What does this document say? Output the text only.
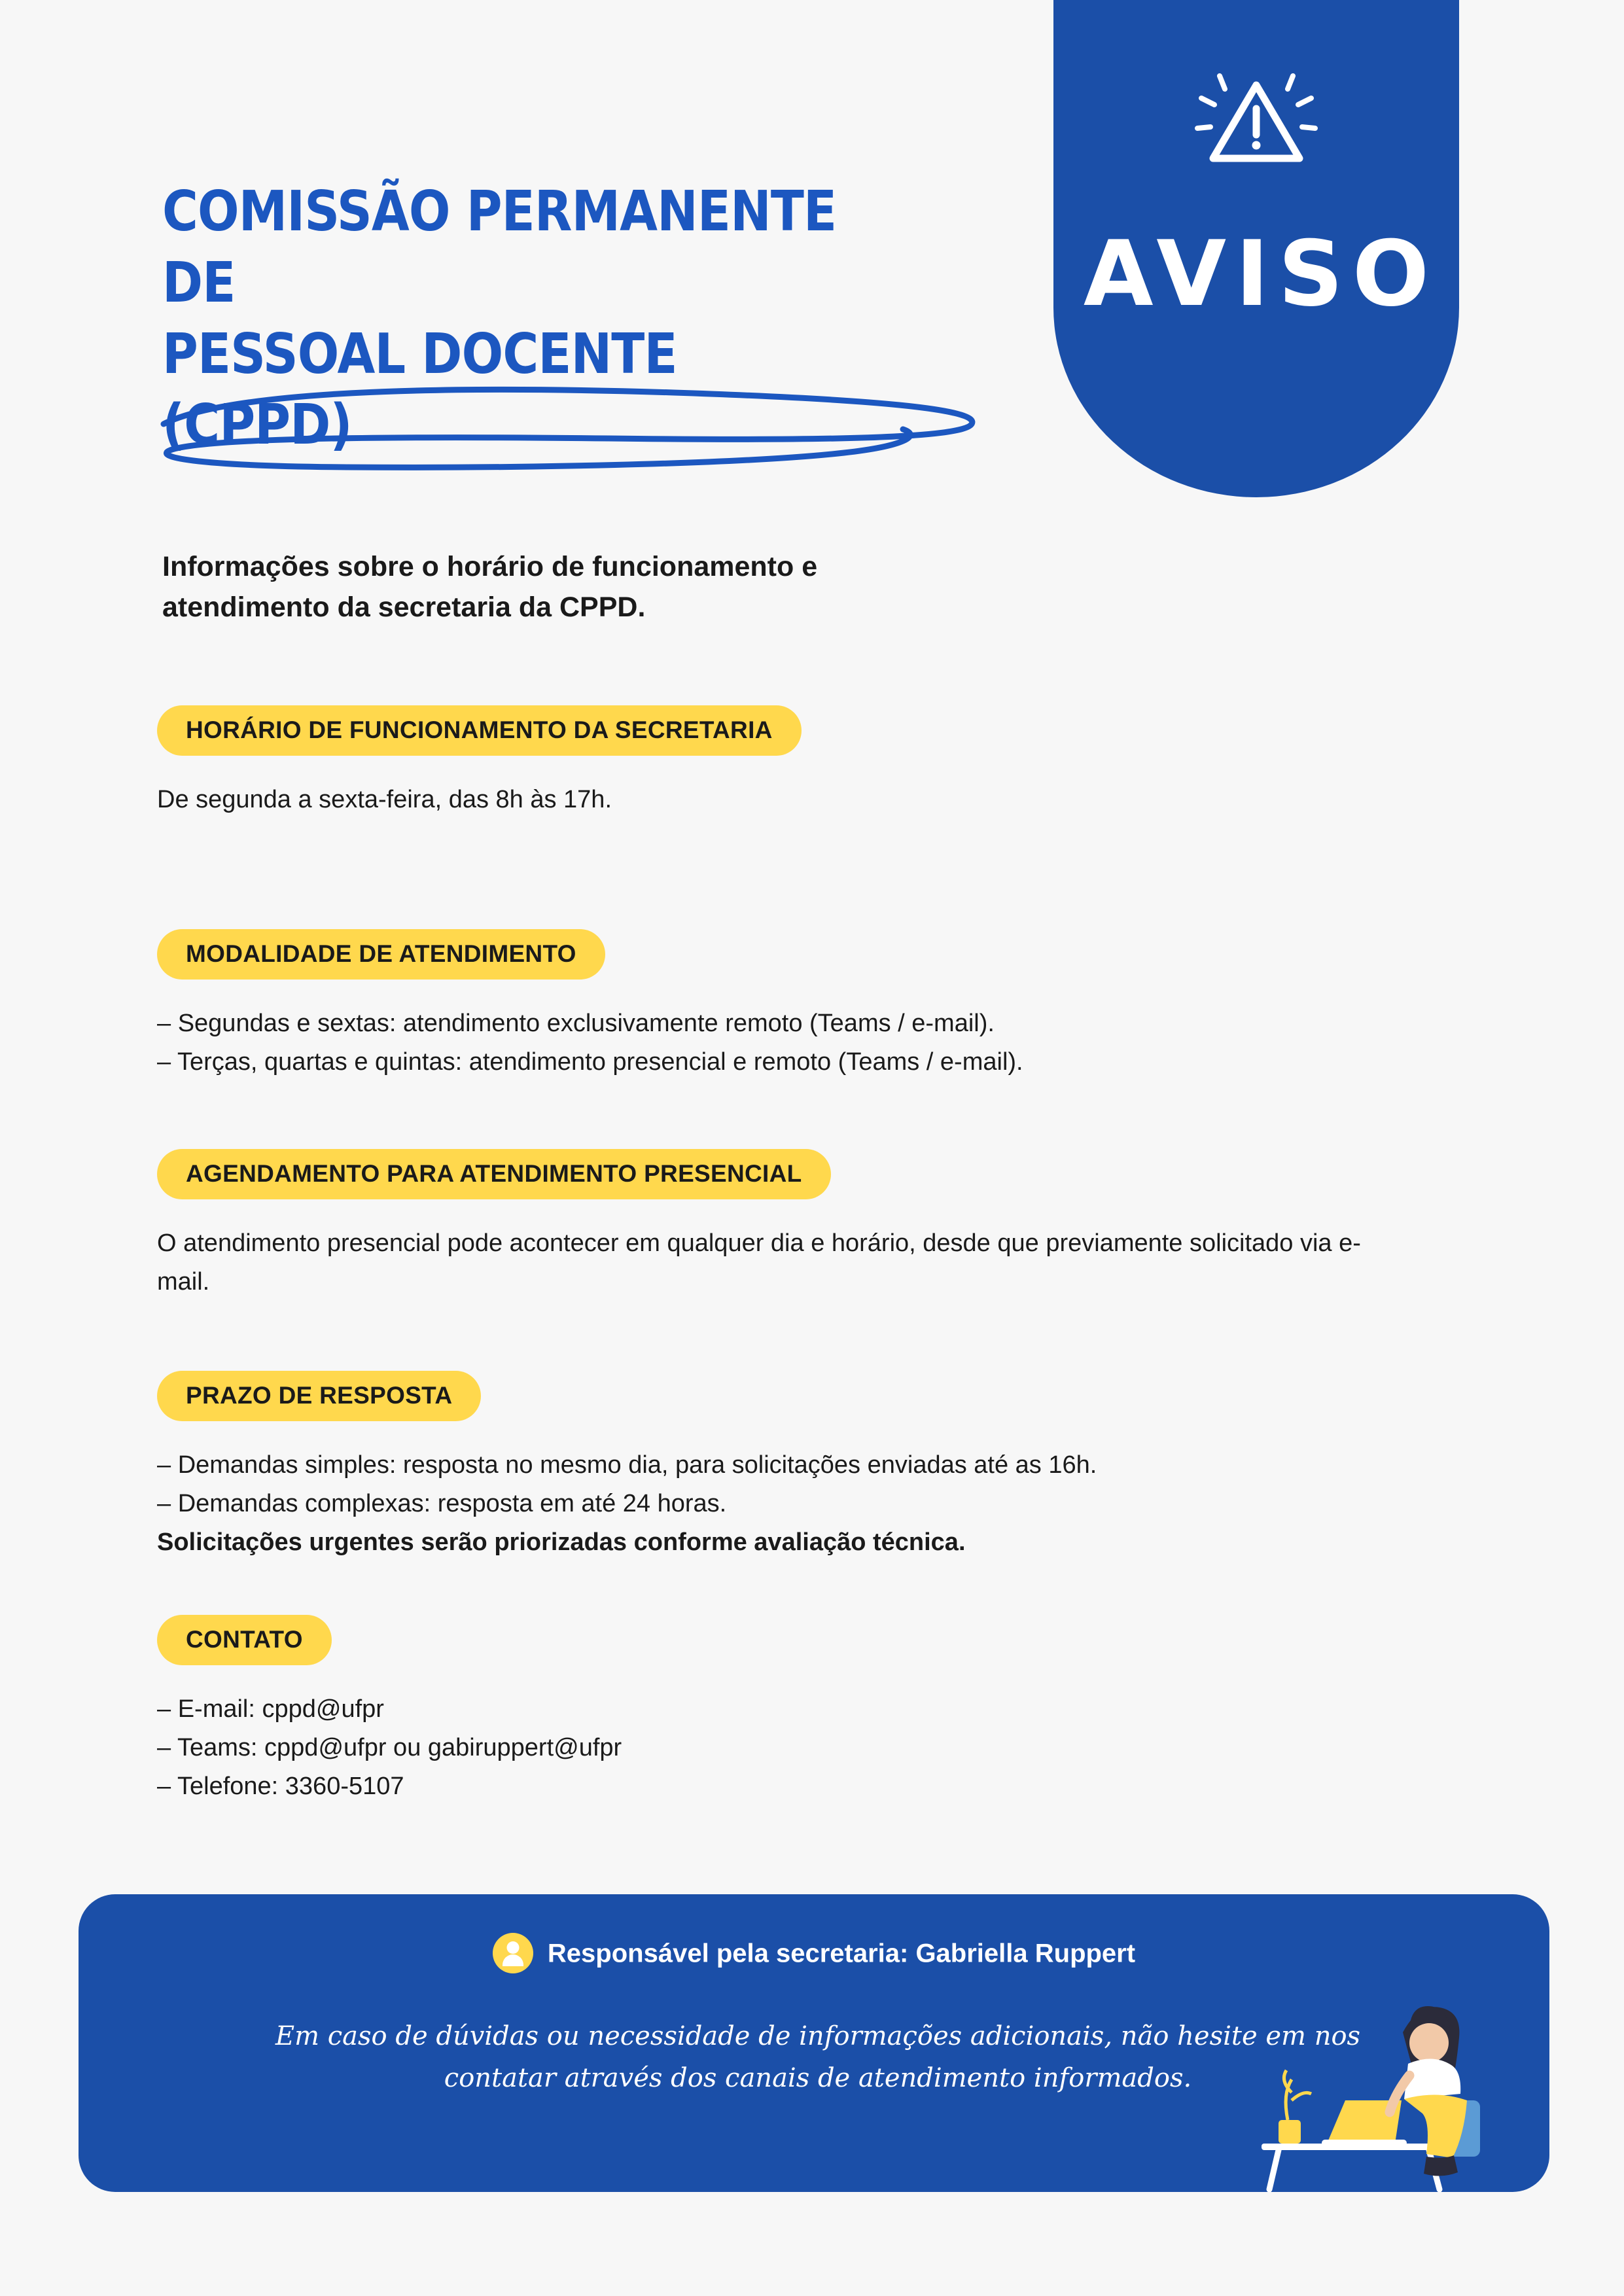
AVISO
COMISSÃO PERMANENTE DE
PESSOAL DOCENTE (CPPD)
Informações sobre o horário de funcionamento e atendimento da secretaria da CPPD.
HORÁRIO DE FUNCIONAMENTO DA SECRETARIA
De segunda a sexta-feira, das 8h às 17h.
MODALIDADE DE ATENDIMENTO
– Segundas e sextas: atendimento exclusivamente remoto (Teams / e-mail).
– Terças, quartas e quintas: atendimento presencial e remoto (Teams / e-mail).
AGENDAMENTO PARA ATENDIMENTO PRESENCIAL
O atendimento presencial pode acontecer em qualquer dia e horário, desde que previamente solicitado via e-mail.
PRAZO DE RESPOSTA
– Demandas simples: resposta no mesmo dia, para solicitações enviadas até as 16h.
– Demandas complexas: resposta em até 24 horas.
Solicitações urgentes serão priorizadas conforme avaliação técnica.
CONTATO
– E-mail: cppd@ufpr
– Teams: cppd@ufpr ou gabiruppert@ufpr
– Telefone: 3360-5107
Responsável pela secretaria: Gabriella Ruppert
Em caso de dúvidas ou necessidade de informações adicionais, não hesite em nos
contatar através dos canais de atendimento informados.
